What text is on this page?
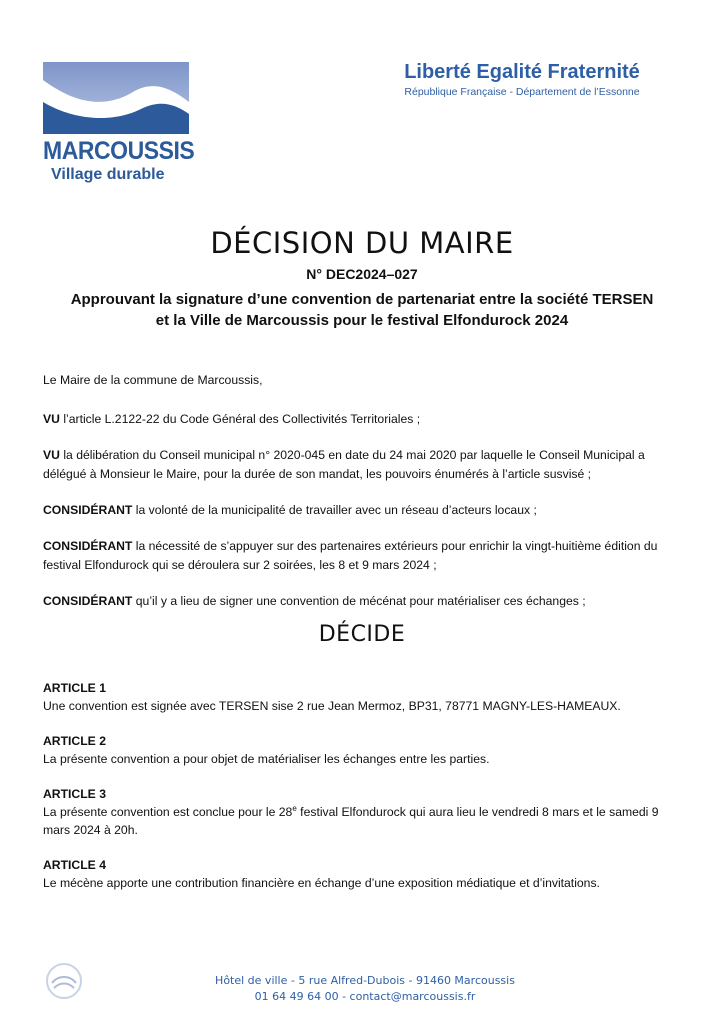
MARCOUSSIS
Village durable
Liberté Egalité Fraternité
République Française - Département de l’Essonne
DÉCISION DU MAIRE
N° DEC2024–027
Approuvant la signature d’une convention de partenariat entre la société TERSEN
et la Ville de Marcoussis pour le festival Elfondurock 2024

Le Maire de la commune de Marcoussis,

VU l’article L.2122-22 du Code Général des Collectivités Territoriales ;

VU la délibération du Conseil municipal n° 2020-045 en date du 24 mai 2020 par laquelle le Conseil Municipal a délégué à Monsieur le Maire, pour la durée de son mandat, les pouvoirs énumérés à l’article susvisé ;

CONSIDÉRANT la volonté de la municipalité de travailler avec un réseau d’acteurs locaux ;

CONSIDÉRANT la nécessité de s’appuyer sur des partenaires extérieurs pour enrichir la vingt-huitième édition du festival Elfondurock qui se déroulera sur 2 soirées, les 8 et 9 mars 2024 ;

CONSIDÉRANT qu’il y a lieu de signer une convention de mécénat pour matérialiser ces échanges ;

DÉCIDE
ARTICLE 1
Une convention est signée avec TERSEN sise 2 rue Jean Mermoz, BP31, 78771 MAGNY-LES-HAMEAUX.
ARTICLE 2
La présente convention a pour objet de matérialiser les échanges entre les parties.
ARTICLE 3
La présente convention est conclue pour le 28e festival Elfondurock qui aura lieu le vendredi 8 mars et le samedi 9 mars 2024 à 20h.
ARTICLE 4
Le mécène apporte une contribution financière en échange d’une exposition médiatique et d’invitations.
Hôtel de ville - 5 rue Alfred-Dubois - 91460 Marcoussis
01 64 49 64 00 - contact@marcoussis.fr
